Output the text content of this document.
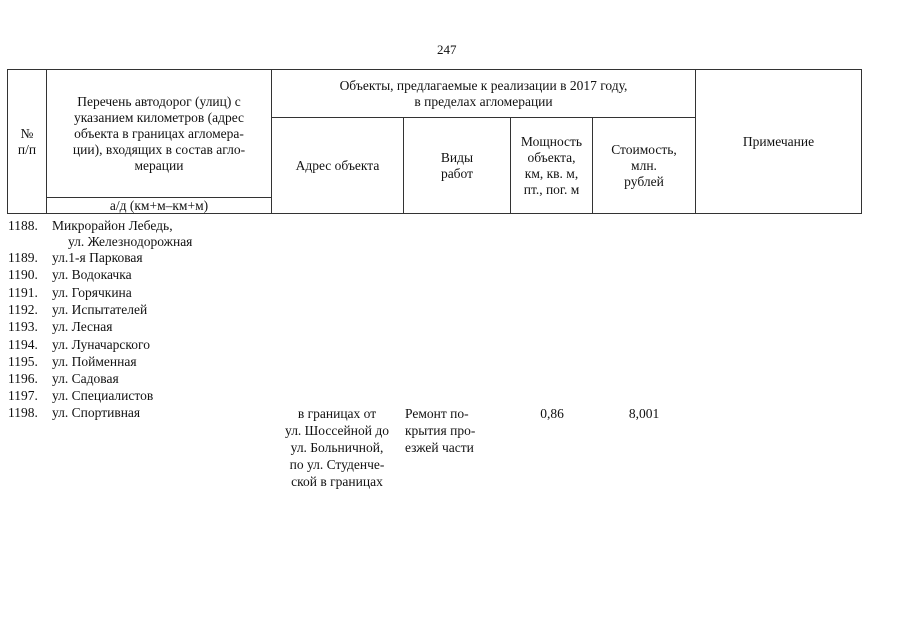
247
№
п/п
Перечень автодорог (улиц) с
указанием километров (адрес
объекта в границах агломера-
ции), входящих в состав агло-
мерации
а/д (км+м–км+м)
Объекты, предлагаемые к реализации в 2017 году,
в пределах агломерации
Адрес объекта
Виды
работ
Мощность
объекта,
км, кв. м,
пт., пог. м
Стоимость,
млн.
рублей
Примечание
1188. Микрорайон Лебедь,
ул. Железнодорожная
1189. ул.1-я Парковая
1190. ул. Водокачка
1191. ул. Горячкина
1192. ул. Испытателей
1193. ул. Лесная
1194. ул. Луначарского
1195. ул. Пойменная
1196. ул. Садовая
1197. ул. Специалистов
1198. ул. Спортивная	в границах от
ул. Шоссейной до
ул. Больничной,
по ул. Студенче-
ской в границах
Ремонт по-
крытия про-
езжей части
0,86	8,001
